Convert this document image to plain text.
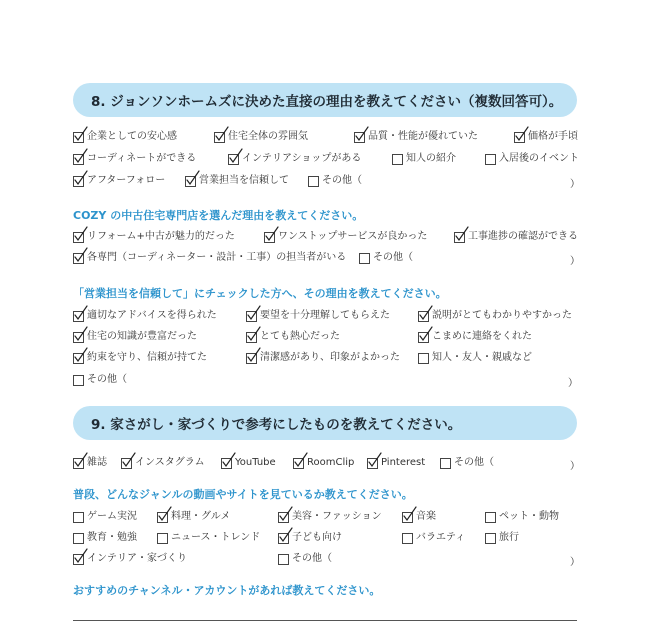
8. ジョンソンホームズに決めた直接の理由を教えてください（複数回答可）。
企業としての安心感	住宅全体の雰囲気	品質・性能が優れていた	価格が手頃
コーディネートができる	インテリアショップがある	知人の紹介	入居後のイベント
アフターフォロー	営業担当を信頼して	その他（	）
COZY の中古住宅専門店を選んだ理由を教えてください。
リフォーム+中古が魅力的だった	ワンストップサービスが良かった	工事進捗の確認ができる
各専門（コーディネーター・設計・工事）の担当者がいる	その他（	）
「営業担当を信頼して」にチェックした方へ、その理由を教えてください。
適切なアドバイスを得られた	要望を十分理解してもらえた	説明がとてもわかりやすかった
住宅の知識が豊富だった	とても熱心だった	こまめに連絡をくれた
約束を守り、信頼が持てた	清潔感があり、印象がよかった	知人・友人・親戚など
その他（	）
9. 家さがし・家づくりで参考にしたものを教えてください。
雑誌	インスタグラム	YouTube	RoomClip	Pinterest	その他（	）
普段、どんなジャンルの動画やサイトを見ているか教えてください。
ゲーム実況	料理・グルメ	美容・ファッション	音楽	ペット・動物
教育・勉強	ニュース・トレンド	子ども向け	バラエティ	旅行
インテリア・家づくり	その他（	）
おすすめのチャンネル・アカウントがあれば教えてください。
